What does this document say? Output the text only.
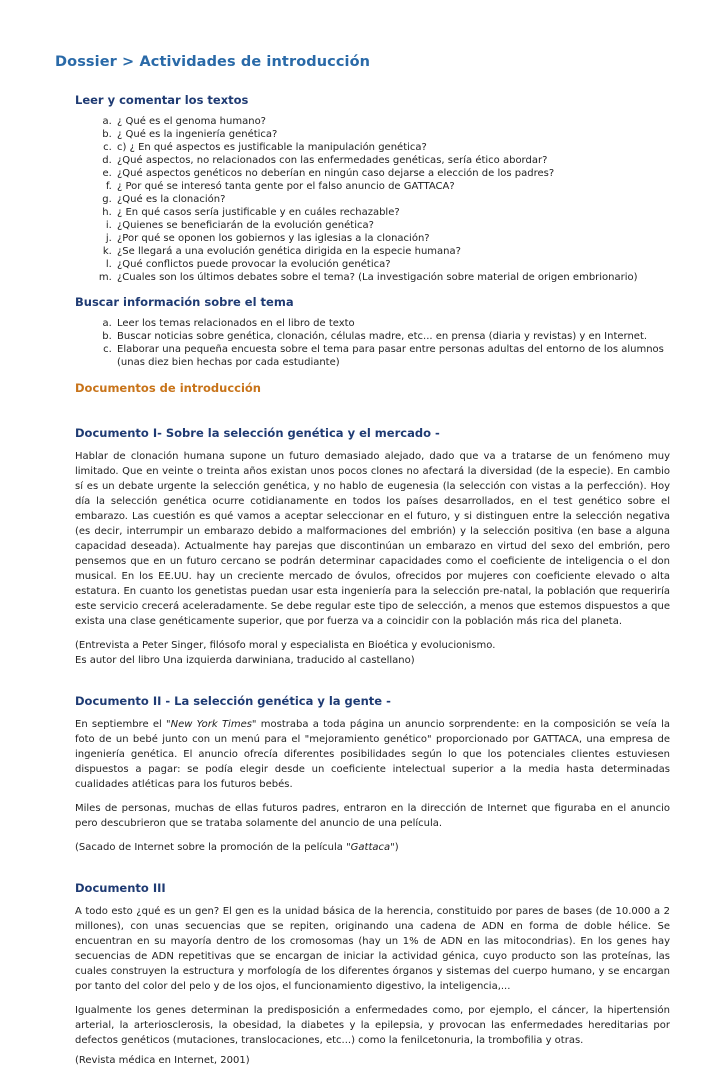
Dossier > Actividades de introducción
Leer y comentar los textos
a. ¿ Qué es el genoma humano?
b. ¿ Qué es la ingeniería genética?
c. c) ¿ En qué aspectos es justificable la manipulación genética?
d. ¿Qué aspectos, no relacionados con las enfermedades genéticas, sería ético abordar?
e. ¿Qué aspectos genéticos no deberían en ningún caso dejarse a elección de los padres?
f. ¿ Por qué se interesó tanta gente por el falso anuncio de GATTACA?
g. ¿Qué es la clonación?
h. ¿ En qué casos sería justificable y en cuáles rechazable?
i. ¿Quienes se beneficiarán de la evolución genética?
j. ¿Por qué se oponen los gobiernos y las iglesias a la clonación?
k. ¿Se llegará a una evolución genética dirigida en la especie humana?
l. ¿Qué conflictos puede provocar la evolución genética?
m. ¿Cuales son los últimos debates sobre el tema? (La investigación sobre material de origen embrionario)
Buscar información sobre el tema
a. Leer los temas relacionados en el libro de texto
b. Buscar noticias sobre genética, clonación, células madre, etc... en prensa (diaria y revistas) y en Internet.
c. Elaborar una pequeña encuesta sobre el tema para pasar entre personas adultas del entorno de los alumnos (unas diez bien hechas por cada estudiante)
Documentos de introducción
Documento I- Sobre la selección genética y el mercado -

Hablar de clonación humana supone un futuro demasiado alejado, dado que va a tratarse de un fenómeno muy limitado. Que en veinte o treinta años existan unos pocos clones no afectará la diversidad (de la especie). En cambio sí es un debate urgente la selección genética, y no hablo de eugenesia (la selección con vistas a la perfección). Hoy día la selección genética ocurre cotidianamente en todos los países desarrollados, en el test genético sobre el embarazo. Las cuestión es qué vamos a aceptar seleccionar en el futuro, y si distinguen entre la selección negativa (es decir, interrumpir un embarazo debido a malformaciones del embrión) y la selección positiva (en base a alguna capacidad deseada). Actualmente hay parejas que discontinúan un embarazo en virtud del sexo del embrión, pero pensemos que en un futuro cercano se podrán determinar capacidades como el coeficiente de inteligencia o el don musical. En los EE.UU. hay un creciente mercado de óvulos, ofrecidos por mujeres con coeficiente elevado o alta estatura. En cuanto los genetistas puedan usar esta ingeniería para la selección pre-natal, la población que requeriría este servicio crecerá aceleradamente. Se debe regular este tipo de selección, a menos que estemos dispuestos a que exista una clase genéticamente superior, que por fuerza va a coincidir con la población más rica del planeta.

(Entrevista a Peter Singer, filósofo moral y especialista en Bioética y evolucionismo.

Es autor del libro Una izquierda darwiniana, traducido al castellano)

Documento II - La selección genética y la gente -

En septiembre el "New York Times" mostraba a toda página un anuncio sorprendente: en la composición se veía la foto de un bebé junto con un menú para el "mejoramiento genético" proporcionado por GATTACA, una empresa de ingeniería genética. El anuncio ofrecía diferentes posibilidades según lo que los potenciales clientes estuviesen dispuestos a pagar: se podía elegir desde un coeficiente intelectual superior a la media hasta determinadas cualidades atléticas para los futuros bebés.

Miles de personas, muchas de ellas futuros padres, entraron en la dirección de Internet que figuraba en el anuncio pero descubrieron que se trataba solamente del anuncio de una película.

(Sacado de Internet sobre la promoción de la película "Gattaca")

Documento III

A todo esto ¿qué es un gen? El gen es la unidad básica de la herencia, constituido por pares de bases (de 10.000 a 2 millones), con unas secuencias que se repiten, originando una cadena de ADN en forma de doble hélice. Se encuentran en su mayoría dentro de los cromosomas (hay un 1% de ADN en las mitocondrias). En los genes hay secuencias de ADN repetitivas que se encargan de iniciar la actividad génica, cuyo producto son las proteínas, las cuales construyen la estructura y morfología de los diferentes órganos y sistemas del cuerpo humano, y se encargan por tanto del color del pelo y de los ojos, el funcionamiento digestivo, la inteligencia,...

Igualmente los genes determinan la predisposición a enfermedades como, por ejemplo, el cáncer, la hipertensión arterial, la arteriosclerosis, la obesidad, la diabetes y la epilepsia, y provocan las enfermedades hereditarias por defectos genéticos (mutaciones, translocaciones, etc...) como la fenilcetonuria, la trombofilia y otras.

(Revista médica en Internet, 2001)
